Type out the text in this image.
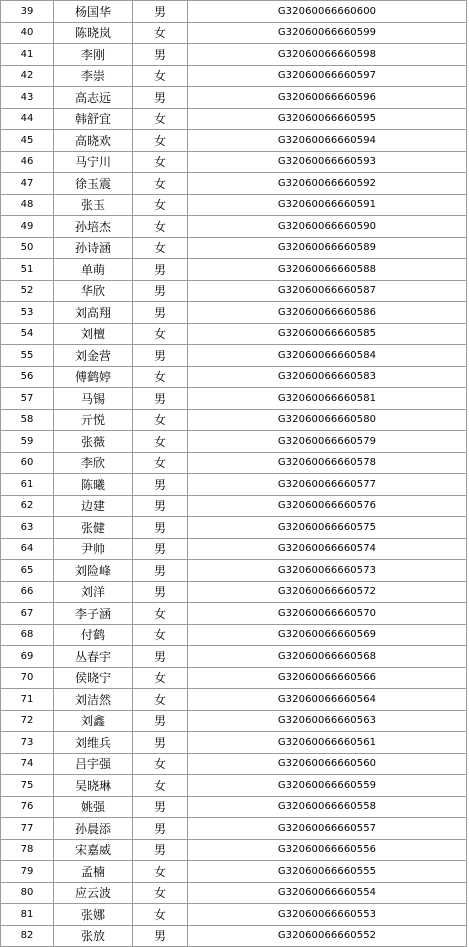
39	杨国华	男	G32060066660600
40	陈晓岚	女	G32060066660599
41	李刚	男	G32060066660598
42	李崇	女	G32060066660597
43	高志远	男	G32060066660596
44	韩舒宜	女	G32060066660595
45	高晓欢	女	G32060066660594
46	马宁川	女	G32060066660593
47	徐玉震	女	G32060066660592
48	张玉	女	G32060066660591
49	孙培杰	女	G32060066660590
50	孙诗涵	女	G32060066660589
51	单萌	男	G32060066660588
52	华欣	男	G32060066660587
53	刘高翔	男	G32060066660586
54	刘檀	女	G32060066660585
55	刘金营	男	G32060066660584
56	傅鹤婷	女	G32060066660583
57	马锡	男	G32060066660581
58	亓悦	女	G32060066660580
59	张薇	女	G32060066660579
60	李欣	女	G32060066660578
61	陈曦	男	G32060066660577
62	边建	男	G32060066660576
63	张健	男	G32060066660575
64	尹帅	男	G32060066660574
65	刘险峰	男	G32060066660573
66	刘洋	男	G32060066660572
67	李子涵	女	G32060066660570
68	付鹤	女	G32060066660569
69	丛春宇	男	G32060066660568
70	侯晓宁	女	G32060066660566
71	刘洁然	女	G32060066660564
72	刘鑫	男	G32060066660563
73	刘维兵	男	G32060066660561
74	吕宇强	女	G32060066660560
75	吴晓琳	女	G32060066660559
76	姚强	男	G32060066660558
77	孙晨添	男	G32060066660557
78	宋嘉威	男	G32060066660556
79	孟楠	女	G32060066660555
80	应云波	女	G32060066660554
81	张娜	女	G32060066660553
82	张放	男	G32060066660552
